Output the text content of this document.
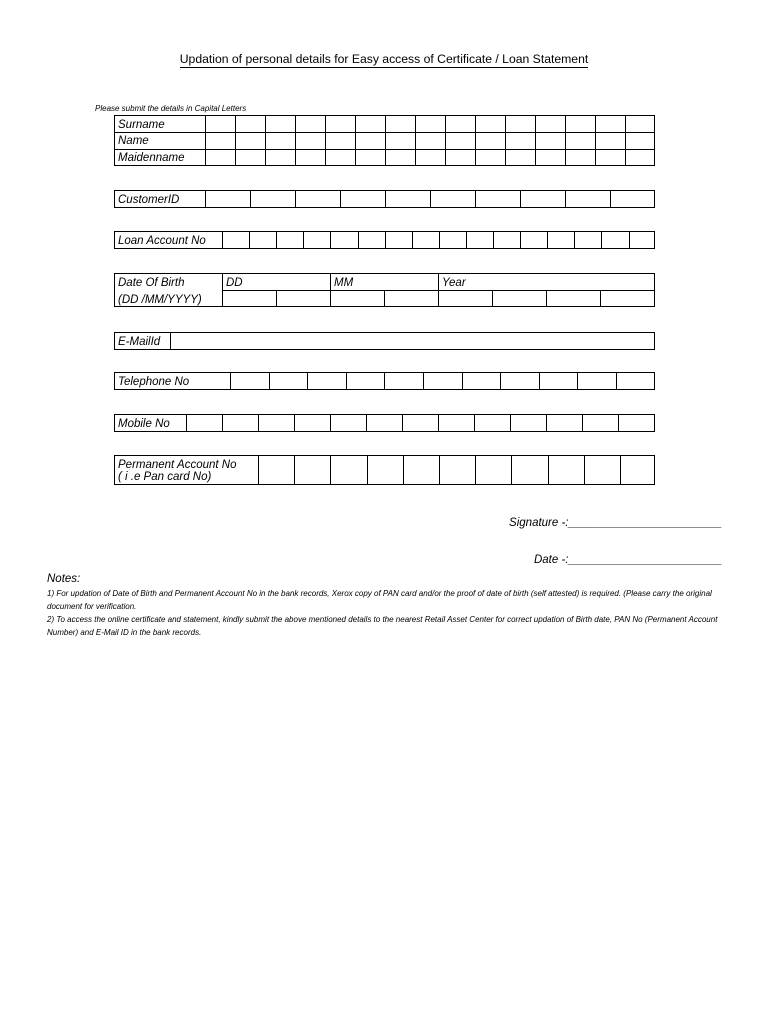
Updation of personal details for Easy access of Certificate / Loan Statement
Please submit the details in Capital Letters
Surname
Name
Maidenname
CustomerID
Loan Account No
Date Of Birth
(DD /MM/YYYY)
DD	MM	Year
E-MailId
Telephone No
Mobile No
Permanent Account No
( i .e Pan card No)
Signature -:________________________
Date -:________________________
Notes:
1) For updation of Date of Birth and Permanent Account No in the bank records, Xerox copy of PAN card and/or the proof of date of birth (self attested) is required. (Please carry the original document for verification.
2) To access the online certificate and statement, kindly submit the above mentioned details to the nearest Retail Asset Center for correct updation of Birth date, PAN No (Permanent Account Number) and E-Mail ID in the bank records.
